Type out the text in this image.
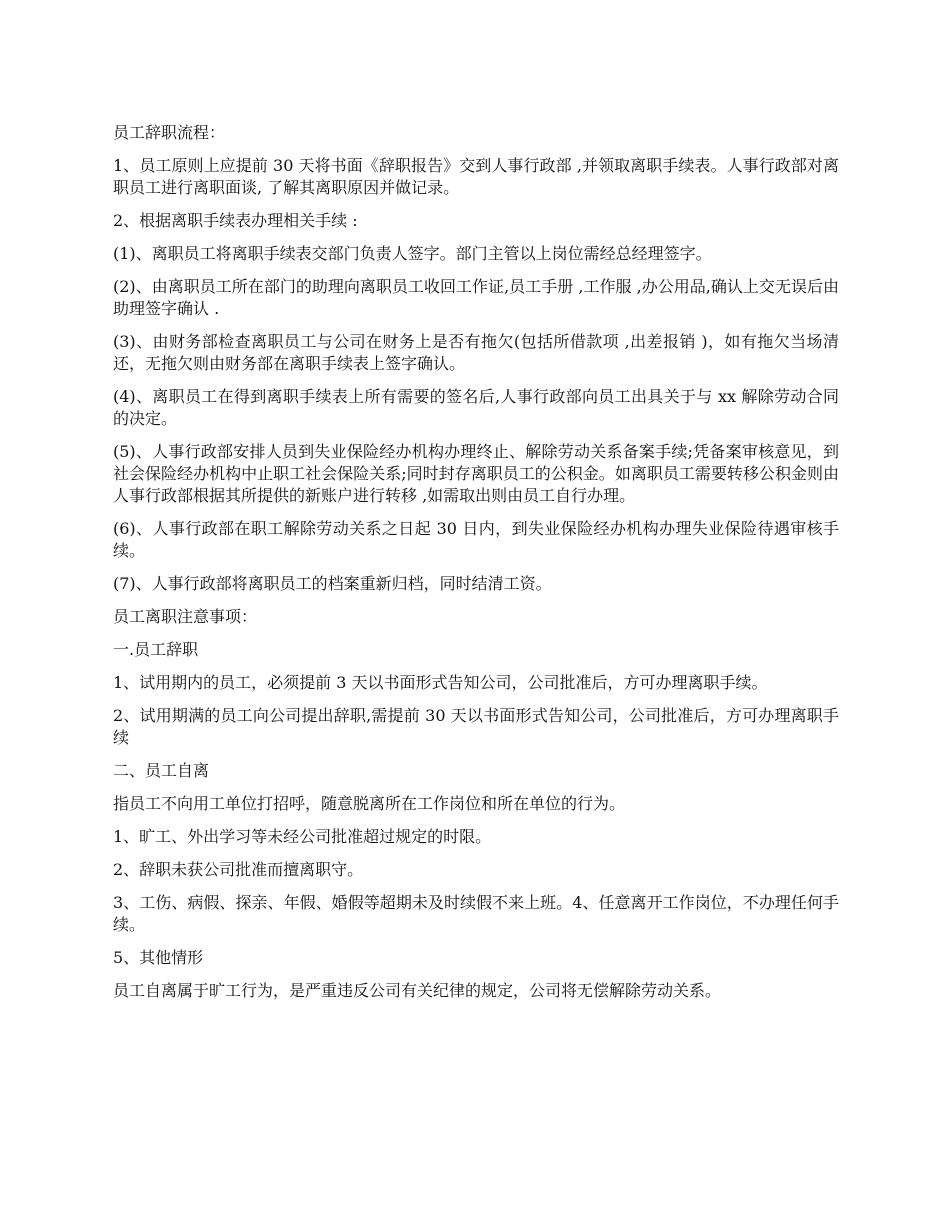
员工辞职流程：

1、员工原则上应提前 30 天将书面《辞职报告》交到人事行政部 ,并领取离职手续表。人事行政部对离职员工进行离职面谈, 了解其离职原因并做记录。

2、根据离职手续表办理相关手续 :

(1)、离职员工将离职手续表交部门负责人签字。部门主管以上岗位需经总经理签字。

(2)、由离职员工所在部门的助理向离职员工收回工作证,员工手册 ,工作服 ,办公用品,确认上交无误后由助理签字确认 .

(3)、由财务部检查离职员工与公司在财务上是否有拖欠(包括所借款项 ,出差报销 )，如有拖欠当场清还，无拖欠则由财务部在离职手续表上签字确认。

(4)、离职员工在得到离职手续表上所有需要的签名后,人事行政部向员工出具关于与 xx 解除劳动合同的决定。

(5)、人事行政部安排人员到失业保险经办机构办理终止、解除劳动关系备案手续;凭备案审核意见，到社会保险经办机构中止职工社会保险关系;同时封存离职员工的公积金。如离职员工需要转移公积金则由人事行政部根据其所提供的新账户进行转移 ,如需取出则由员工自行办理。

(6)、人事行政部在职工解除劳动关系之日起 30 日内，到失业保险经办机构办理失业保险待遇审核手续。

(7)、人事行政部将离职员工的档案重新归档，同时结清工资。

员工离职注意事项：

一.员工辞职

1、试用期内的员工，必须提前 3 天以书面形式告知公司，公司批准后，方可办理离职手续。

2、试用期满的员工向公司提出辞职,需提前 30 天以书面形式告知公司，公司批准后，方可办理离职手续

二、员工自离

指员工不向用工单位打招呼，随意脱离所在工作岗位和所在单位的行为。

1、旷工、外出学习等未经公司批准超过规定的时限。

2、辞职未获公司批准而擅离职守。

3、工伤、病假、探亲、年假、婚假等超期未及时续假不来上班。4、任意离开工作岗位，不办理任何手续。

5、其他情形

员工自离属于旷工行为，是严重违反公司有关纪律的规定，公司将无偿解除劳动关系。
